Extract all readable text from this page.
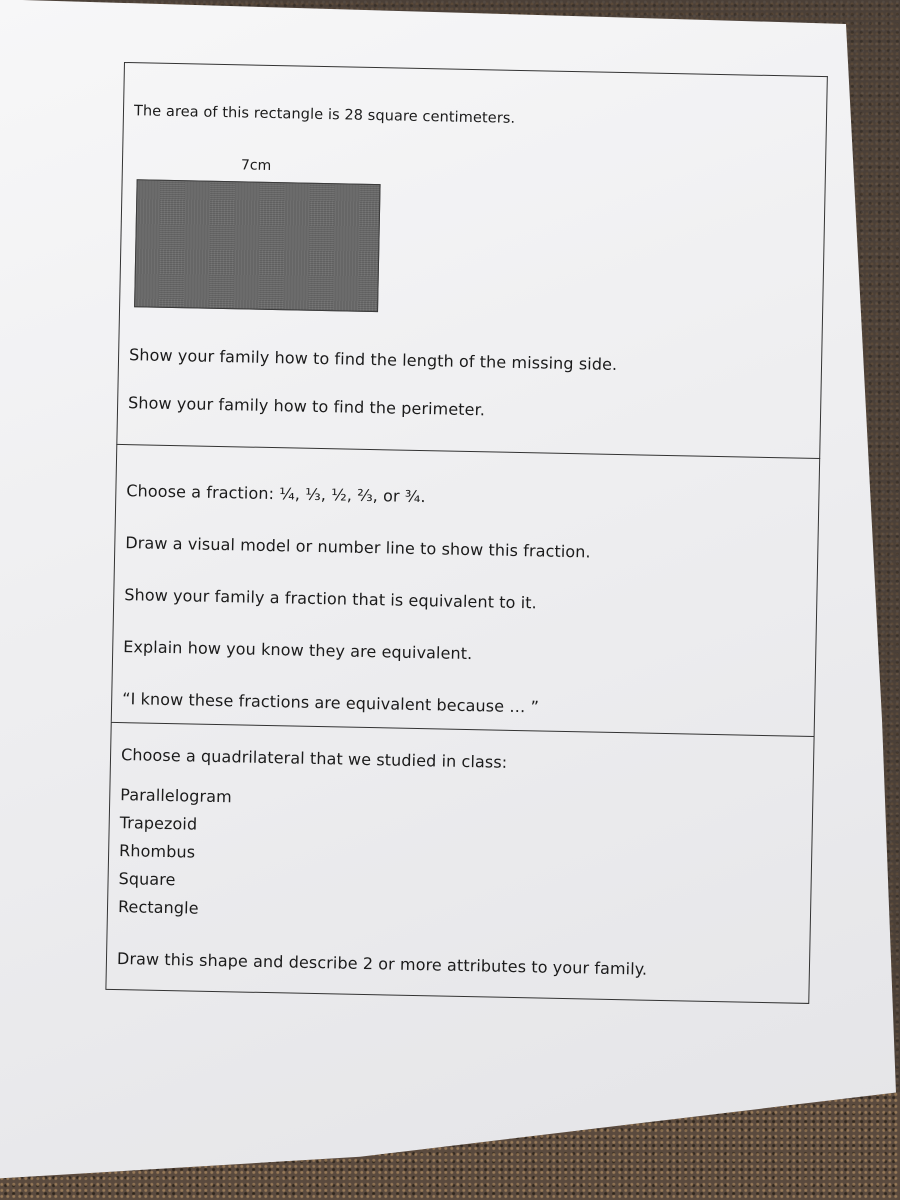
The area of this rectangle is 28 square centimeters.
7cm
Show your family how to find the length of the missing side.
Show your family how to find the perimeter.
Choose a fraction: ¼, ⅓, ½, ⅔, or ¾.
Draw a visual model or number line to show this fraction.
Show your family a fraction that is equivalent to it.
Explain how you know they are equivalent.
“I know these fractions are equivalent because … ”
Choose a quadrilateral that we studied in class:
Parallelogram
Trapezoid
Rhombus
Square
Rectangle
Draw this shape and describe 2 or more attributes to your family.
